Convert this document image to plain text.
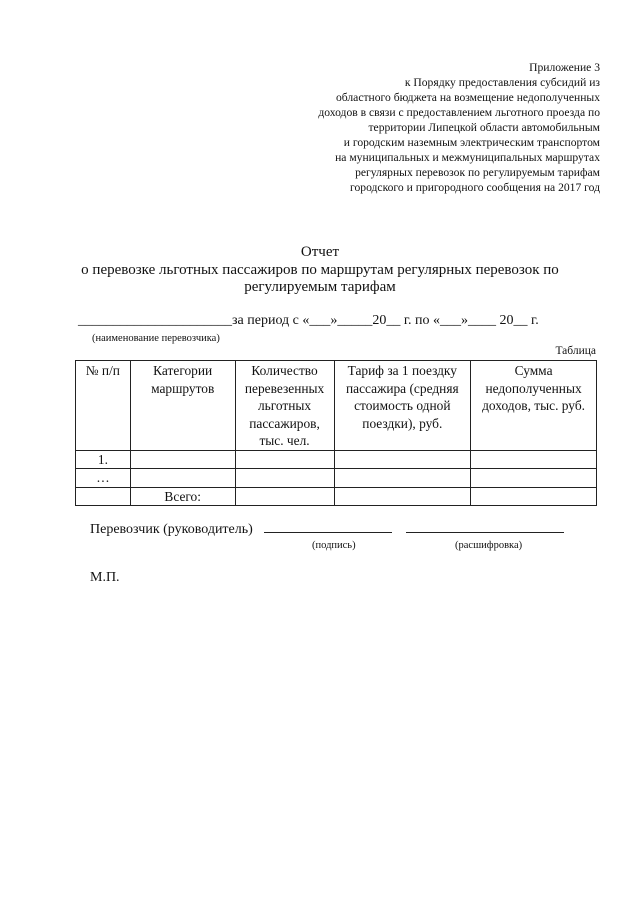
Приложение 3
к Порядку предоставления субсидий из
областного бюджета на возмещение недополученных
доходов в связи с предоставлением льготного проезда по
территории Липецкой области автомобильным
и городским наземным электрическим транспортом
на муниципальных и межмуниципальных маршрутах
регулярных перевозок по регулируемым тарифам
городского и пригородного сообщения на 2017 год
Отчет
о перевозке льготных пассажиров по маршрутам регулярных перевозок по
регулируемым тарифам
______________________за период с «___»_____20__ г. по «___»____ 20__ г.
(наименование перевозчика)
Таблица
№ п/п	Категории маршрутов	Количество перевезенных льготных пассажиров, тыс. чел.	Тариф за 1 поездку пассажира (средняя стоимость одной поездки), руб.	Сумма недополученных доходов, тыс. руб.
1.				
…				
	Всего:			
Перевозчик (руководитель)
(подпись)	(расшифровка)
М.П.
